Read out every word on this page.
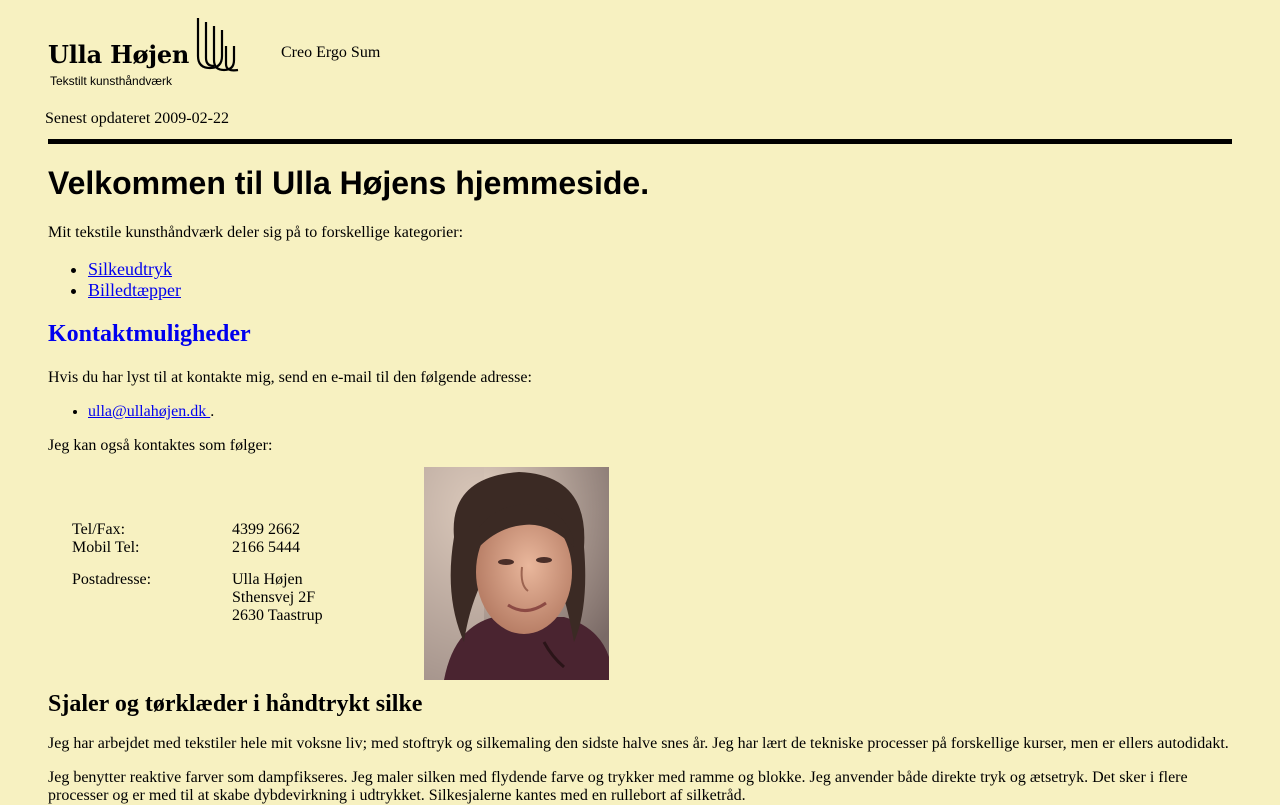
Ulla Højen
Tekstilt kunsthåndværk
Creo Ergo Sum
Senest opdateret 2009-02-22
Velkommen til Ulla Højens hjemmeside.
Mit tekstile kunsthåndværk deler sig på to forskellige kategorier:
• Silkeudtryk
• Billedtæpper
Kontaktmuligheder
Hvis du har lyst til at kontakte mig, send en e-mail til den følgende adresse:
• ulla@ullahøjen.dk .
Jeg kan også kontaktes som følger:
Tel/Fax:	4399 2662
Mobil Tel:	2166 5444

Postadresse:	Ulla Højen
	Sthensvej 2F
	2630 Taastrup
Sjaler og tørklæder i håndtrykt silke
Jeg har arbejdet med tekstiler hele mit voksne liv; med stoftryk og silkemaling den sidste halve snes år. Jeg har lært de tekniske processer på forskellige kurser, men er ellers autodidakt.
Jeg benytter reaktive farver som dampfikseres. Jeg maler silken med flydende farve og trykker med ramme og blokke. Jeg anvender både direkte tryk og ætsetryk. Det sker i flere processer og er med til at skabe dybdevirkning i udtrykket. Silkesjalerne kantes med en rullebort af silketråd.
